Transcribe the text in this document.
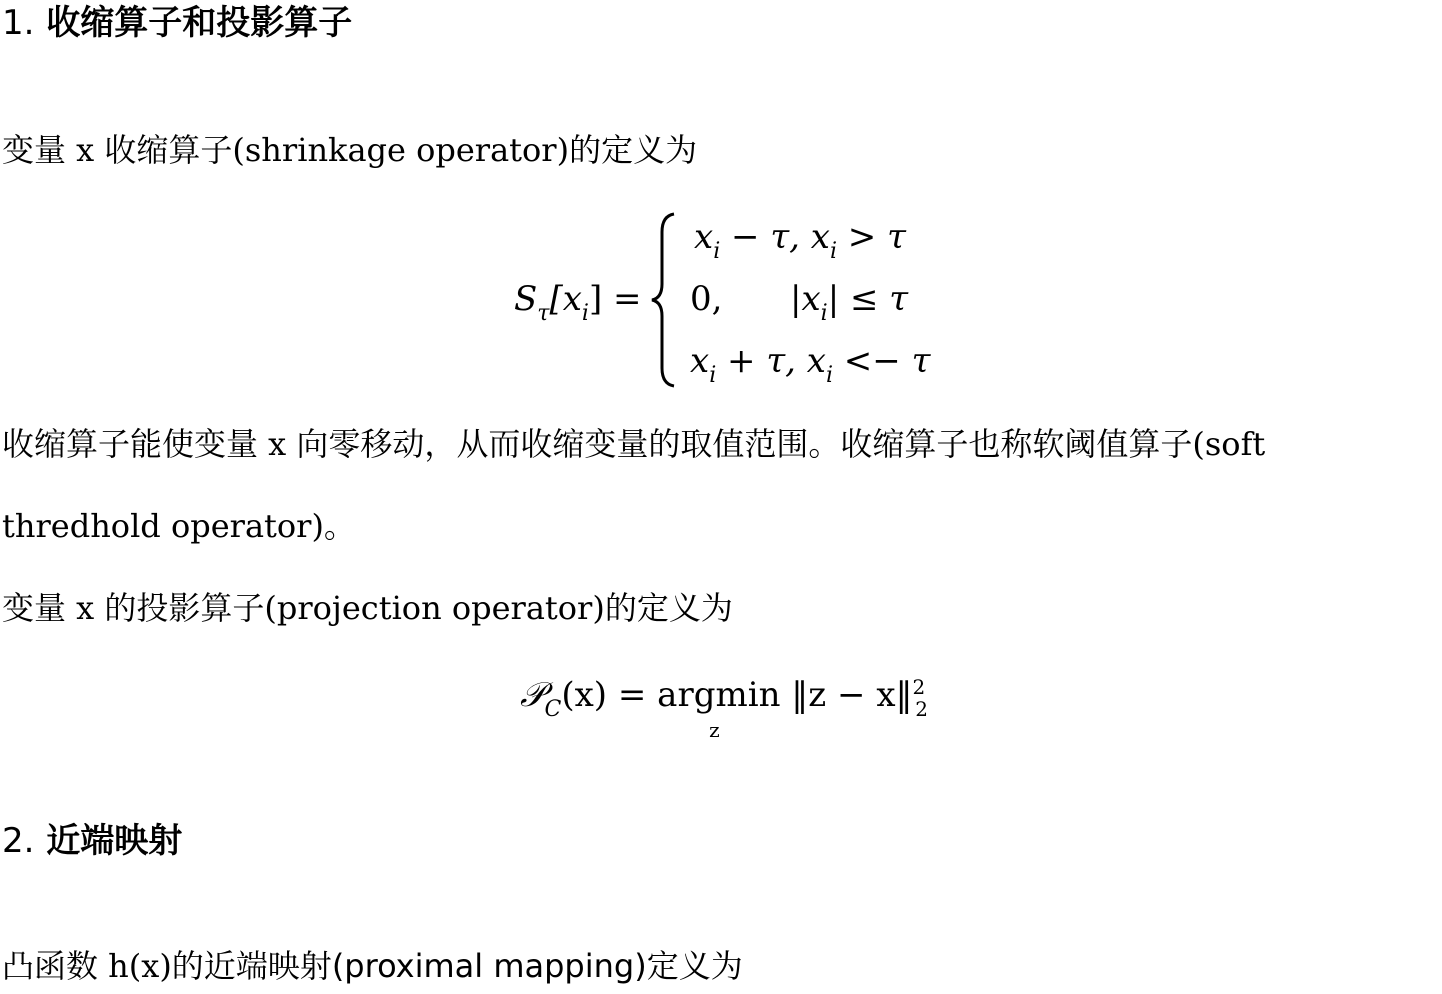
1. 收缩算子和投影算子
变量 x 收缩算子(shrinkage operator)的定义为
$S_\tau[x_i]$ =
$x_i - \tau$, $x_i > \tau$
0, $|x_i| \le \tau$
$x_i + \tau$, $x_i <- \tau$
收缩算子能使变量 x 向零移动，从而收缩变量的取值范围。收缩算子也称软阈值算子(soft
thredhold operator)。
变量 x 的投影算子(projection operator)的定义为
𝒫$_C$(x) = argmin
z
‖z − x‖$^2_2$
2. 近端映射
凸函数 h(x)的近端映射(proximal mapping)定义为
